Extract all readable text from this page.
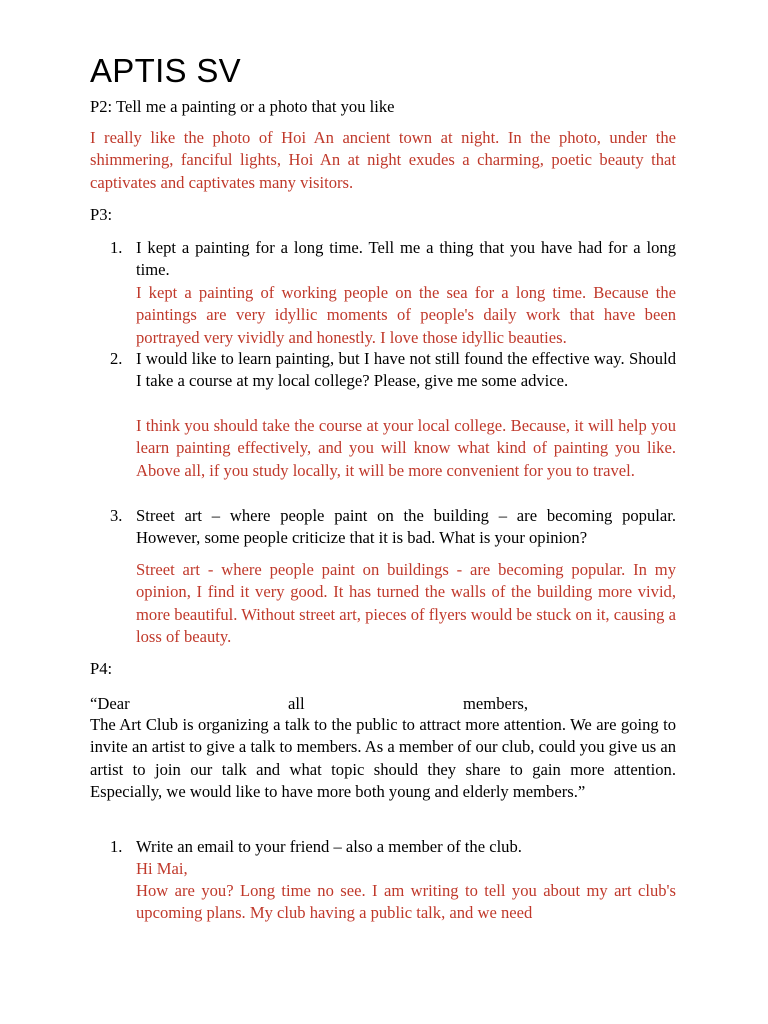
APTIS SV

P2: Tell me a painting or a photo that you like

I really like the photo of Hoi An ancient town at night. In the photo, under the shimmering, fanciful lights, Hoi An at night exudes a charming, poetic beauty that captivates and captivates many visitors.

P3:

1. I kept a painting for a long time. Tell me a thing that you have had for a long time.

I kept a painting of working people on the sea for a long time. Because the paintings are very idyllic moments of people's daily work that have been portrayed very vividly and honestly. I love those idyllic beauties.

2. I would like to learn painting, but I have not still found the effective way. Should I take a course at my local college? Please, give me some advice.

I think you should take the course at your local college. Because, it will help you learn painting effectively, and you will know what kind of painting you like. Above all, if you study locally, it will be more convenient for you to travel.

3. Street art – where people paint on the building – are becoming popular. However, some people criticize that it is bad. What is your opinion?

Street art - where people paint on buildings - are becoming popular. In my opinion, I find it very good. It has turned the walls of the building more vivid, more beautiful. Without street art, pieces of flyers would be stuck on it, causing a loss of beauty.

P4:

“Dear	all	members,

The Art Club is organizing a talk to the public to attract more attention. We are going to invite an artist to give a talk to members. As a member of our club, could you give us an artist to join our talk and what topic should they share to gain more attention. Especially, we would like to have more both young and elderly members.”

1. Write an email to your friend – also a member of the club.

Hi Mai,

How are you? Long time no see. I am writing to tell you about my art club's upcoming plans. My club having a public talk, and we need
